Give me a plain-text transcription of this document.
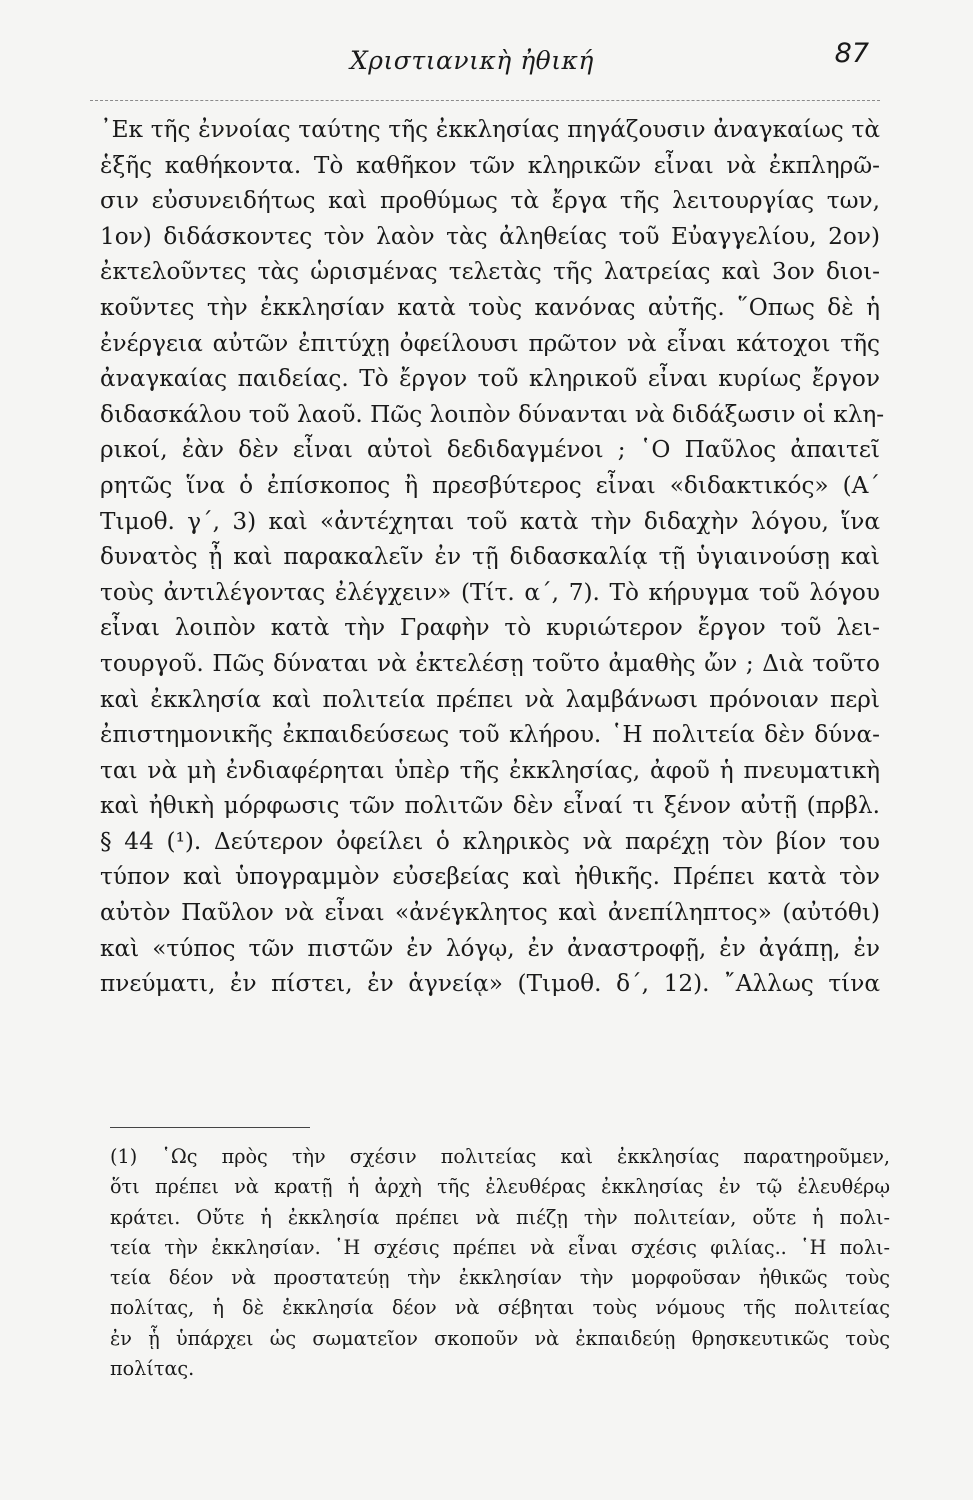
Χριστιανικὴ ἠθική	87
᾿Εκ τῆς ἐννοίας ταύτης τῆς ἐκκλησίας πηγάζουσιν ἀναγκαίως τὰ
ἑξῆς καθήκοντα. Τὸ καθῆκον τῶν κληρικῶν εἶναι νὰ ἐκπληρῶ-
σιν εὐσυνειδήτως καὶ προθύμως τὰ ἔργα τῆς λειτουργίας των,
1ον) διδάσκοντες τὸν λαὸν τὰς ἀληθείας τοῦ Εὐαγγελίου, 2ον)
ἐκτελοῦντες τὰς ὡρισμένας τελετὰς τῆς λατρείας καὶ 3ον διοι-
κοῦντες τὴν ἐκκλησίαν κατὰ τοὺς κανόνας αὐτῆς. ῞Οπως δὲ ἡ
ἐνέργεια αὐτῶν ἐπιτύχῃ ὀφείλουσι πρῶτον νὰ εἶναι κάτοχοι τῆς
ἀναγκαίας παιδείας. Τὸ ἔργον τοῦ κληρικοῦ εἶναι κυρίως ἔργον
διδασκάλου τοῦ λαοῦ. Πῶς λοιπὸν δύνανται νὰ διδάξωσιν οἱ κλη-
ρικοί, ἐὰν δὲν εἶναι αὐτοὶ δεδιδαγμένοι ; ῾Ο Παῦλος ἀπαιτεῖ
ρητῶς ἵνα ὁ ἐπίσκοπος ἢ πρεσβύτερος εἶναι «διδακτικός» (Α΄
Τιμοθ. γ΄, 3) καὶ «ἀντέχηται τοῦ κατὰ τὴν διδαχὴν λόγου, ἵνα
δυνατὸς ᾖ καὶ παρακαλεῖν ἐν τῇ διδασκαλίᾳ τῇ ὑγιαινούσῃ καὶ
τοὺς ἀντιλέγοντας ἐλέγχειν» (Τίτ. α΄, 7). Τὸ κήρυγμα τοῦ λόγου
εἶναι λοιπὸν κατὰ τὴν Γραφὴν τὸ κυριώτερον ἔργον τοῦ λει-
τουργοῦ. Πῶς δύναται νὰ ἐκτελέσῃ τοῦτο ἀμαθὴς ὤν ; Διὰ τοῦτο
καὶ ἐκκλησία καὶ πολιτεία πρέπει νὰ λαμβάνωσι πρόνοιαν περὶ
ἐπιστημονικῆς ἐκπαιδεύσεως τοῦ κλήρου. ῾Η πολιτεία δὲν δύνα-
ται νὰ μὴ ἐνδιαφέρηται ὑπὲρ τῆς ἐκκλησίας, ἀφοῦ ἡ πνευματικὴ
καὶ ἠθικὴ μόρφωσις τῶν πολιτῶν δὲν εἶναί τι ξένον αὐτῇ (πρβλ.
§ 44 (¹). Δεύτερον ὀφείλει ὁ κληρικὸς νὰ παρέχῃ τὸν βίον του
τύπον καὶ ὑπογραμμὸν εὐσεβείας καὶ ἠθικῆς. Πρέπει κατὰ τὸν
αὐτὸν Παῦλον νὰ εἶναι «ἀνέγκλητος καὶ ἀνεπίληπτος» (αὐτόθι)
καὶ «τύπος τῶν πιστῶν ἐν λόγῳ, ἐν ἀναστροφῇ, ἐν ἀγάπῃ, ἐν
πνεύματι, ἐν πίστει, ἐν ἁγνείᾳ» (Τιμοθ. δ΄, 12). ῎Αλλως τίνα
(1) ῾Ως πρὸς τὴν σχέσιν πολιτείας καὶ ἐκκλησίας παρατηροῦμεν,
ὅτι πρέπει νὰ κρατῇ ἡ ἀρχὴ τῆς ἐλευθέρας ἐκκλησίας ἐν τῷ ἐλευθέρῳ
κράτει. Οὔτε ἡ ἐκκλησία πρέπει νὰ πιέζῃ τὴν πολιτείαν, οὔτε ἡ πολι-
τεία τὴν ἐκκλησίαν. ῾Η σχέσις πρέπει νὰ εἶναι σχέσις φιλίας.. ῾Η πολι-
τεία δέον νὰ προστατεύῃ τὴν ἐκκλησίαν τὴν μορφοῦσαν ἠθικῶς τοὺς
πολίτας, ἡ δὲ ἐκκλησία δέον νὰ σέβηται τοὺς νόμους τῆς πολιτείας
ἐν ᾗ ὑπάρχει ὡς σωματεῖον σκοποῦν νὰ ἐκπαιδεύῃ θρησκευτικῶς τοὺς
πολίτας.
